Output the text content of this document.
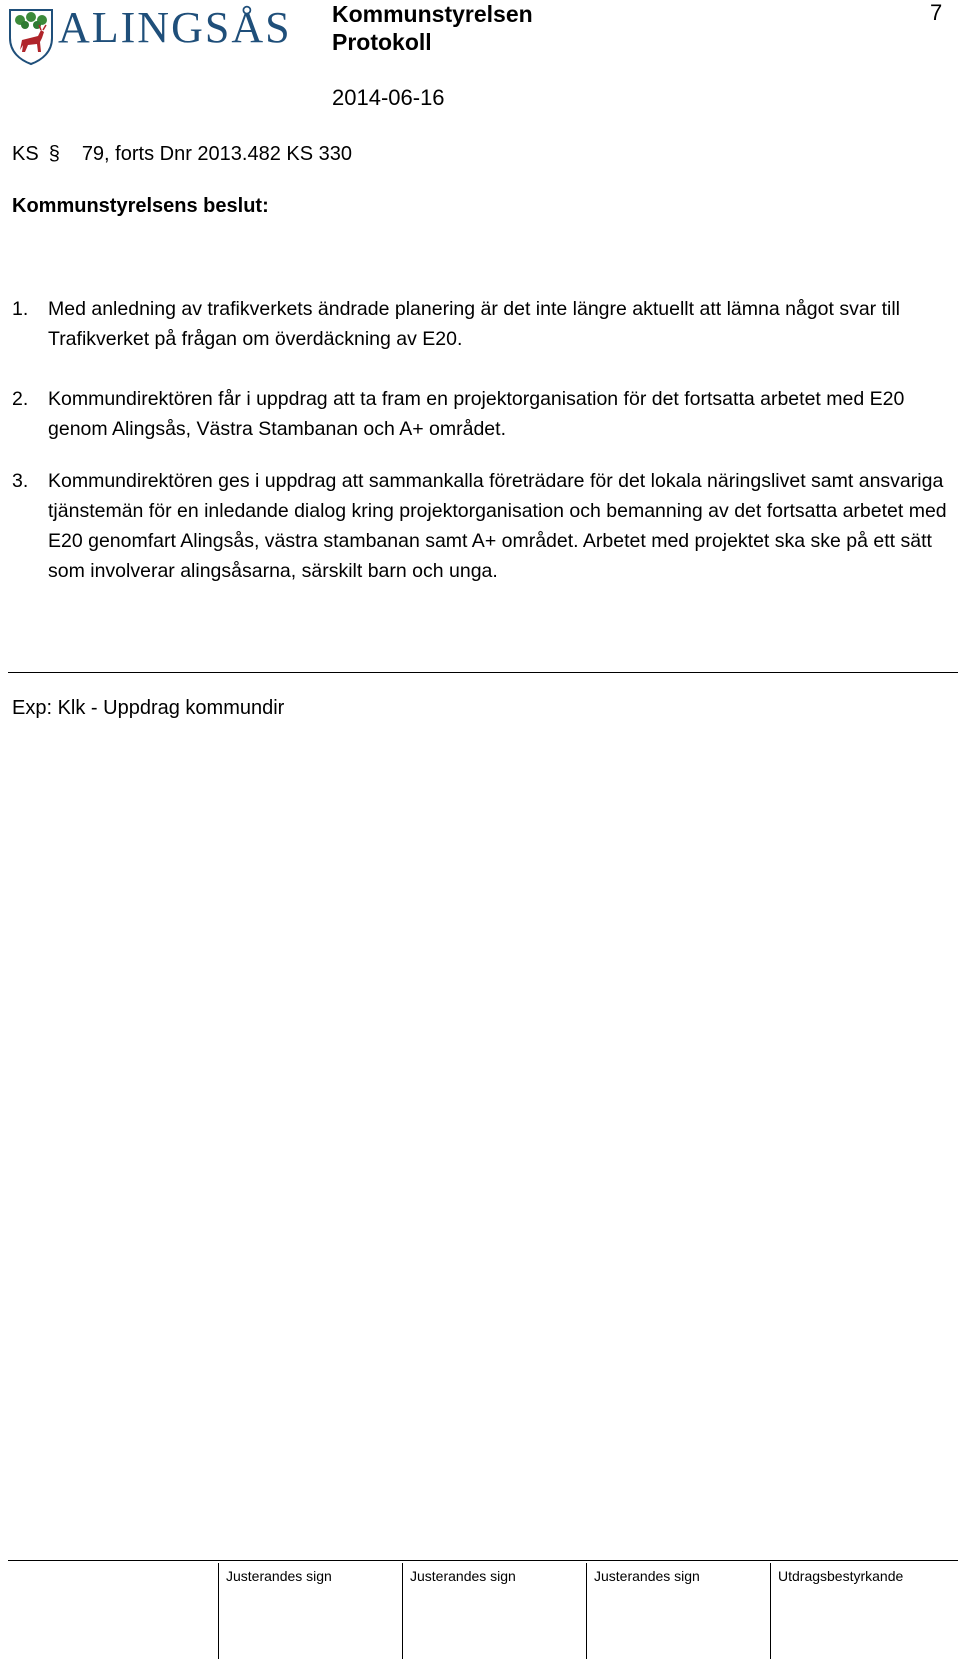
ALINGSÅS Kommunstyrelsen
Protokoll
7
2014-06-16
KS § 79, forts Dnr 2013.482 KS 330
Kommunstyrelsens beslut:
1.	Med anledning av trafikverkets ändrade planering är det inte längre aktuellt att lämna något svar till Trafikverket på frågan om överdäckning av E20.
2.	Kommundirektören får i uppdrag att ta fram en projektorganisation för det fortsatta arbetet med E20 genom Alingsås, Västra Stambanan och A+ området.
3.	Kommundirektören ges i uppdrag att sammankalla företrädare för det lokala näringslivet samt ansvariga tjänstemän för en inledande dialog kring projektorganisation och bemanning av det fortsatta arbetet med E20 genomfart Alingsås, västra stambanan samt A+ området. Arbetet med projektet ska ske på ett sätt som involverar alingsåsarna, särskilt barn och unga.
Exp: Klk - Uppdrag kommundir
Justerandes sign	Justerandes sign	Justerandes sign	Utdragsbestyrkande
